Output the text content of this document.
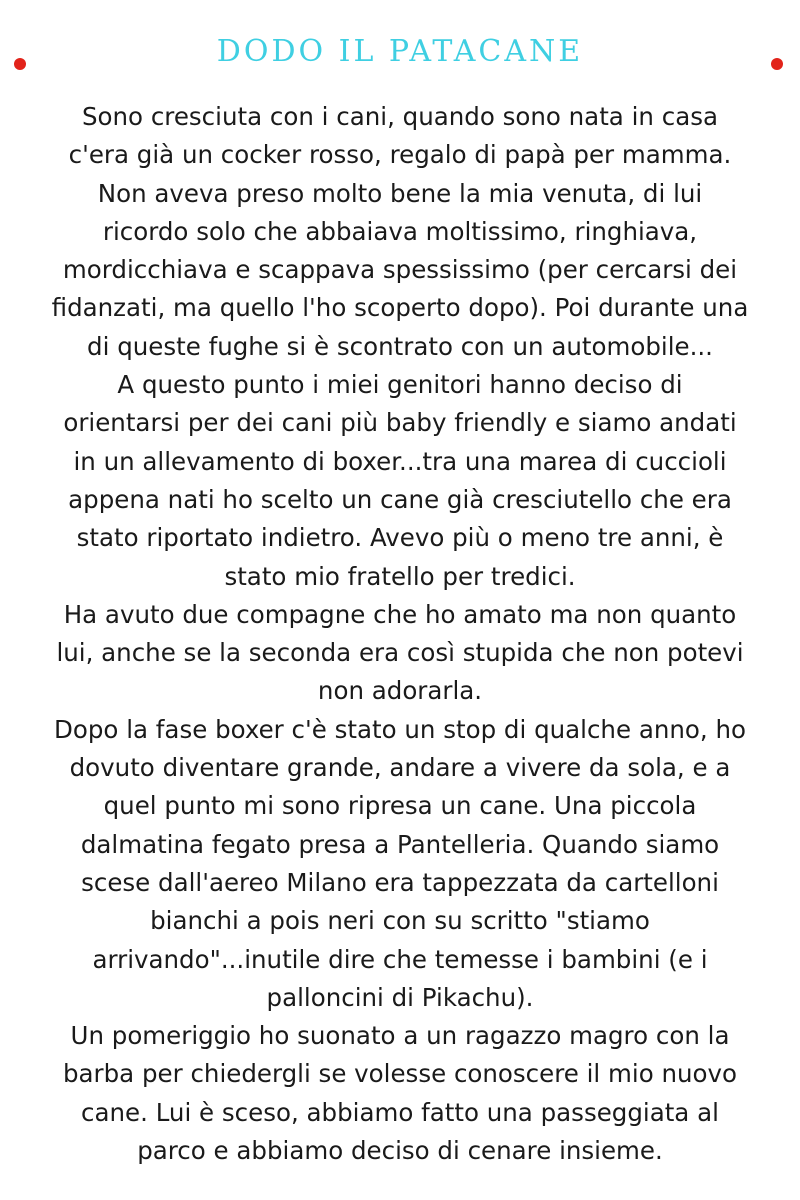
DODO IL PATACANE
Sono cresciuta con i cani, quando sono nata in casa
c'era già un cocker rosso, regalo di papà per mamma.
Non aveva preso molto bene la mia venuta, di lui
ricordo solo che abbaiava moltissimo, ringhiava,
mordicchiava e scappava spessissimo (per cercarsi dei
fidanzati, ma quello l'ho scoperto dopo). Poi durante una
di queste fughe si è scontrato con un automobile...
A questo punto i miei genitori hanno deciso di
orientarsi per dei cani più baby friendly e siamo andati
in un allevamento di boxer...tra una marea di cuccioli
appena nati ho scelto un cane già cresciutello che era
stato riportato indietro. Avevo più o meno tre anni, è
stato mio fratello per tredici.
Ha avuto due compagne che ho amato ma non quanto
lui, anche se la seconda era così stupida che non potevi
non adorarla.
Dopo la fase boxer c'è stato un stop di qualche anno, ho
dovuto diventare grande, andare a vivere da sola, e a
quel punto mi sono ripresa un cane. Una piccola
dalmatina fegato presa a Pantelleria. Quando siamo
scese dall'aereo Milano era tappezzata da cartelloni
bianchi a pois neri con su scritto "stiamo
arrivando"...inutile dire che temesse i bambini (e i
palloncini di Pikachu).
Un pomeriggio ho suonato a un ragazzo magro con la
barba per chiedergli se volesse conoscere il mio nuovo
cane. Lui è sceso, abbiamo fatto una passeggiata al
parco e abbiamo deciso di cenare insieme.
